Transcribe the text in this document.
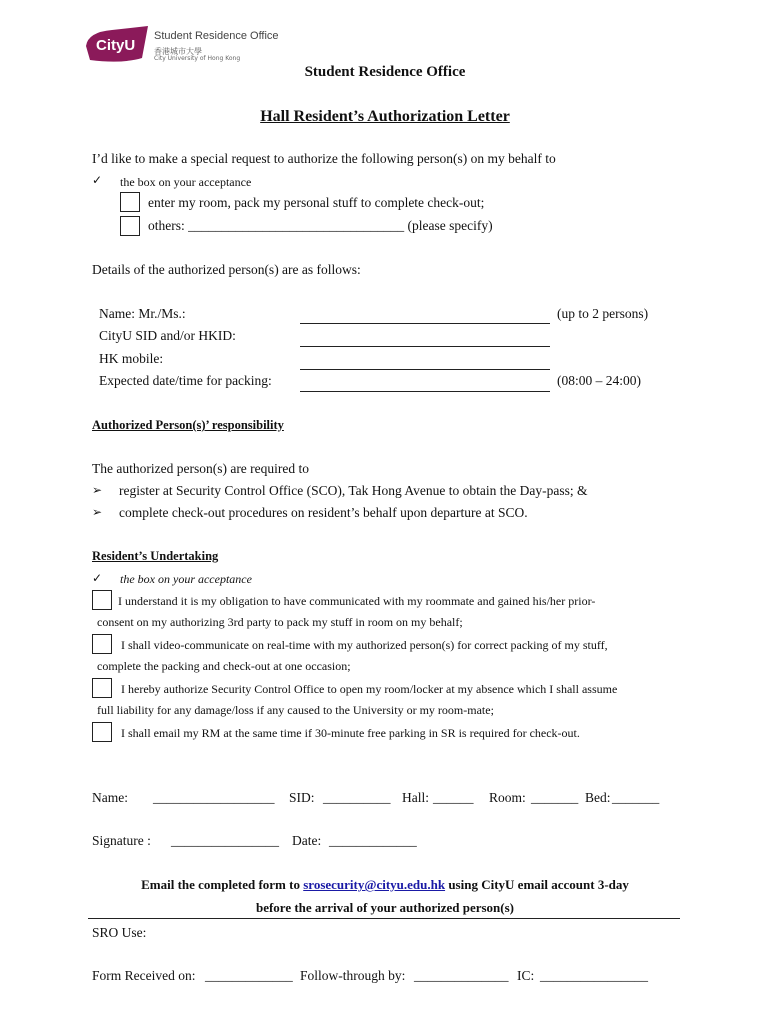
CityU
Student Residence Office
香港城市大學
City University of Hong Kong
Student Residence Office
Hall Resident’s Authorization Letter
I’d like to make a special request to authorize the following person(s) on my behalf to
✓ the box on your acceptance
enter my room, pack my personal stuff to complete check-out;
others: ________________________________ (please specify)
Details of the authorized person(s) are as follows:
Name: Mr./Ms.:	(up to 2 persons)
CityU SID and/or HKID:
HK mobile:
Expected date/time for packing:	(08:00 – 24:00)
Authorized Person(s)’ responsibility
The authorized person(s) are required to
➢ register at Security Control Office (SCO), Tak Hong Avenue to obtain the Day-pass; &
➢ complete check-out procedures on resident’s behalf upon departure at SCO.
Resident’s Undertaking
✓ the box on your acceptance
I understand it is my obligation to have communicated with my roommate and gained his/her prior-
consent on my authorizing 3rd party to pack my stuff in room on my behalf;
I shall video-communicate on real-time with my authorized person(s) for correct packing of my stuff,
complete the packing and check-out at one occasion;
I hereby authorize Security Control Office to open my room/locker at my absence which I shall assume
full liability for any damage/loss if any caused to the University or my room-mate;
I shall email my RM at the same time if 30-minute free parking in SR is required for check-out.
Name: __________________ SID: __________ Hall: ______ Room: _______ Bed: _______
Signature : ________________ Date: _____________
Email the completed form to srosecurity@cityu.edu.hk using CityU email account 3-day
before the arrival of your authorized person(s)
SRO Use:
Form Received on: _____________ Follow-through by: ______________ IC: ________________
